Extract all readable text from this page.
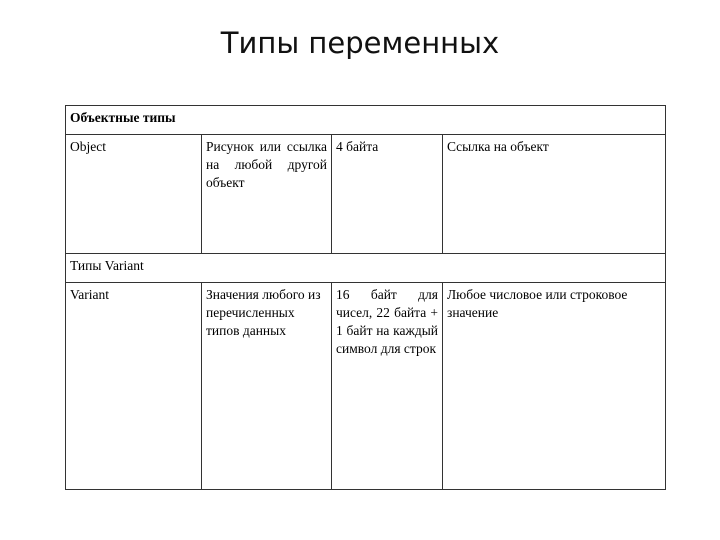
Типы переменных
Объектные типы			
Object	Рисунок или ссылка на любой другой объект	4 байта	Ссылка на объект
Типы Variant			
Variant	Значения любого из перечисленных типов данных	16 байт для чисел, 22 байта + 1 байт на каждый символ для строк	Любое числовое или строковое значение
